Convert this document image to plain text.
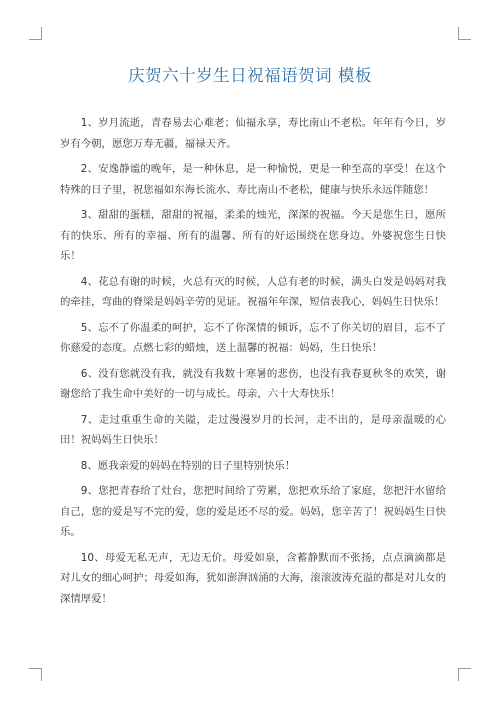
庆贺六十岁生日祝福语贺词 模板

1、岁月流逝，青春易去心难老；仙福永享，寿比南山不老松。年年有今日，岁岁有今朝，愿您万寿无疆，福禄天齐。

2、安逸静谧的晚年，是一种休息，是一种愉悦，更是一种至高的享受！在这个特殊的日子里，祝您福如东海长流水、寿比南山不老松，健康与快乐永远伴随您！

3、甜甜的蛋糕，甜甜的祝福，柔柔的烛光，深深的祝福。今天是您生日，愿所有的快乐、所有的幸福、所有的温馨、所有的好运围绕在您身边。外婆祝您生日快乐！

4、花总有谢的时候，火总有灭的时候，人总有老的时候，满头白发是妈妈对我的牵挂，弯曲的脊梁是妈妈辛劳的见证。祝福年年深，短信表我心，妈妈生日快乐！

5、忘不了你温柔的呵护，忘不了你深情的倾诉，忘不了你关切的眉目，忘不了你慈爱的态度。点燃七彩的蜡烛，送上温馨的祝福：妈妈，生日快乐！

6、没有您就没有我，就没有我数十寒暑的悲伤，也没有我春夏秋冬的欢笑，谢谢您给了我生命中美好的一切与成长。母亲，六十大寿快乐！

7、走过重重生命的关隘，走过漫漫岁月的长河，走不出的，是母亲温暖的心田！祝妈妈生日快乐！

8、愿我亲爱的妈妈在特别的日子里特别快乐！

9、您把青春给了灶台，您把时间给了劳累，您把欢乐给了家庭，您把汗水留给自己，您的爱是写不完的爱，您的爱是还不尽的爱。妈妈，您辛苦了！祝妈妈生日快乐。

10、母爱无私无声，无边无价。母爱如泉，含蓄静默而不张扬，点点滴滴都是对儿女的细心呵护；母爱如海，犹如澎湃汹涌的大海，滚滚波涛充溢的都是对儿女的深情厚爱！
